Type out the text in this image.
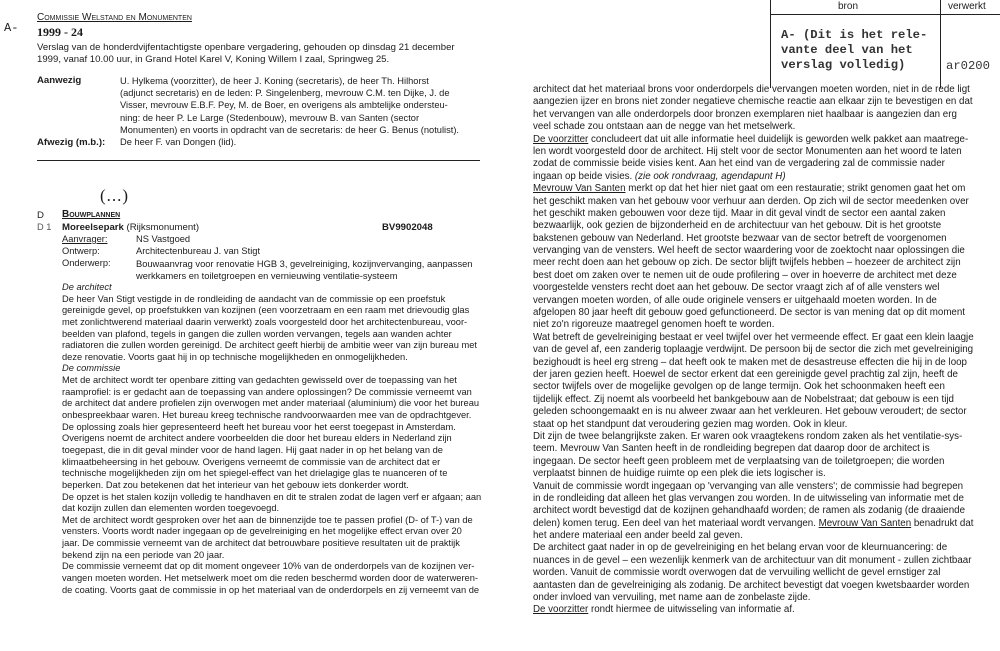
A-
Commissie Welstand en Monumenten
1999 - 24
Verslag van de honderdvijfentachtigste openbare vergadering, gehouden op dinsdag 21 december
1999, vanaf 10.00 uur, in Grand Hotel Karel V, Koning Willem I zaal, Springweg 25.
Aanwezig	U. Hylkema (voorzitter), de heer J. Koning (secretaris), de heer Th. Hilhorst
(adjunct secretaris) en de leden: P. Singelenberg, mevrouw C.M. ten Dijke, J. de
Visser, mevrouw E.B.F. Pey, M. de Boer, en overigens als ambtelijke ondersteu-
ning: de heer P. Le Large (Stedenbouw), mevrouw B. van Santen (sector
Monumenten) en voorts in opdracht van de secretaris: de heer G. Benus (notulist).
Afwezig (m.b.): De heer F. van Dongen (lid).
(...)
D Bouwplannen
D 1 Moreelsepark (Rijksmonument)	BV9902048
Aanvrager:	NS Vastgoed
Ontwerp:	Architectenbureau J. van Stigt
Onderwerp:	Bouwaanvrag voor renovatie HGB 3, gevelreiniging, kozijnvervanging, aanpassen
werkkamers en toiletgroepen en vernieuwing ventilatie-systeem
De architect
De heer Van Stigt vestigde in de rondleiding de aandacht van de commissie op een proefstuk
gereinigde gevel, op proefstukken van kozijnen (een voorzetraam en een raam met drievoudig glas
met zonlichtwerend materiaal daarin verwerkt) zoals voorgesteld door het architectenbureau, voor-
beelden van plafond, tegels in gangen die zullen worden vervangen, tegels aan wanden achter
radiatoren die zullen worden gereinigd. De architect geeft hierbij de ambitie weer van zijn bureau met
deze renovatie. Voorts gaat hij in op technische mogelijkheden en onmogelijkheden.
De commissie
Met de architect wordt ter openbare zitting van gedachten gewisseld over de toepassing van het
raamprofiel: is er gedacht aan de toepassing van andere oplossingen? De commissie verneemt van
de architect dat andere profielen zijn overwogen met ander materiaal (aluminium) die voor het bureau
onbespreekbaar waren. Het bureau kreeg technische randvoorwaarden mee van de opdrachtgever.
De oplossing zoals hier gepresenteerd heeft het bureau voor het eerst toegepast in Amsterdam.
Overigens noemt de architect andere voorbeelden die door het bureau elders in Nederland zijn
toegepast, die in dit geval minder voor de hand lagen. Hij gaat nader in op het belang van de
klimaatbeheersing in het gebouw. Overigens verneemt de commissie van de architect dat er
technische mogelijkheden zijn om het spiegel-effect van het drielagige glas te nuanceren of te
beperken. Dat zou betekenen dat het interieur van het gebouw iets donkerder wordt.
De opzet is het stalen kozijn volledig te handhaven en dit te stralen zodat de lagen verf er afgaan; aan
dat kozijn zullen dan elementen worden toegevoegd.
Met de architect wordt gesproken over het aan de binnenzijde toe te passen profiel (D- of T-) van de
vensters. Voorts wordt nader ingegaan op de gevelreiniging en het mogelijke effect ervan over 20
jaar. De commissie verneemt van de architect dat betrouwbare positieve resultaten uit de praktijk
bekend zijn na een periode van 20 jaar.
De commissie verneemt dat op dit moment ongeveer 10% van de onderdorpels van de kozijnen ver-
vangen moeten worden. Het metselwerk moet om die reden beschermd worden door de waterweren-
de coating. Voorts gaat de commissie in op het materiaal van de onderdorpels en zij verneemt van de
bron	verwerkt
A- (Dit is het rele-
vante deel van het
verslag volledig)	ar0200
architect dat het materiaal brons voor onderdorpels die vervangen moeten worden, niet in de rede ligt
aangezien ijzer en brons niet zonder negatieve chemische reactie aan elkaar zijn te bevestigen en dat
het vervangen van alle onderdorpels door bronzen exemplaren niet haalbaar is aangezien dan erg
veel schade zou ontstaan aan de negge van het metselwerk.
De voorzitter concludeert dat uit alle informatie heel duidelijk is geworden welk pakket aan maatrege-
len wordt voorgesteld door de architect. Hij stelt voor de sector Monumenten aan het woord te laten
zodat de commissie beide visies kent. Aan het eind van de vergadering zal de commissie nader
ingaan op beide visies. (zie ook rondvraag, agendapunt H)
Mevrouw Van Santen merkt op dat het hier niet gaat om een restauratie; strikt genomen gaat het om
het geschikt maken van het gebouw voor verhuur aan derden. Op zich wil de sector meedenken over
het geschikt maken gebouwen voor deze tijd. Maar in dit geval vindt de sector een aantal zaken
bezwaarlijk, ook gezien de bijzonderheid en de architectuur van het gebouw. Dit is het grootste
bakstenen gebouw van Nederland. Het grootste bezwaar van de sector betreft de voorgenomen
vervanging van de vensters. Wel heeft de sector waardering voor de zoektocht naar oplossingen die
meer recht doen aan het gebouw op zich. De sector blijft twijfels hebben – hoezeer de architect zijn
best doet om zaken over te nemen uit de oude profilering – over in hoeverre de architect met deze
voorgestelde vensters recht doet aan het gebouw. De sector vraagt zich af of alle vensters wel
vervangen moeten worden, of alle oude originele vensers er uitgehaald moeten worden. In de
afgelopen 80 jaar heeft dit gebouw goed gefunctioneerd. De sector is van mening dat op dit moment
niet zo'n rigoreuze maatregel genomen hoeft te worden.
Wat betreft de gevelreiniging bestaat er veel twijfel over het vermeende effect. Er gaat een klein laagje
van de gevel af, een zanderig toplaagje verdwijnt. De persoon bij de sector die zich met gevelreiniging
bezighoudt is heel erg streng – dat heeft ook te maken met de desastreuse effecten die hij in de loop
der jaren gezien heeft. Hoewel de sector erkent dat een gereinigde gevel prachtig zal zijn, heeft de
sector twijfels over de mogelijke gevolgen op de lange termijn. Ook het schoonmaken heeft een
tijdelijk effect. Zij noemt als voorbeeld het bankgebouw aan de Nobelstraat; dat gebouw is een tijd
geleden schoongemaakt en is nu alweer zwaar aan het verkleuren. Het gebouw veroudert; de sector
staat op het standpunt dat veroudering gezien mag worden. Ook in kleur.
Dit zijn de twee belangrijkste zaken. Er waren ook vraagtekens rondom zaken als het ventilatie-sys-
teem. Mevrouw Van Santen heeft in de rondleiding begrepen dat daarop door de architect is
ingegaan. De sector heeft geen probleem met de verplaatsing van de toiletgroepen; die worden
verplaatst binnen de huidige ruimte op een plek die iets logischer is.
Vanuit de commissie wordt ingegaan op 'vervanging van alle vensters'; de commissie had begrepen
in de rondleiding dat alleen het glas vervangen zou worden. In de uitwisseling van informatie met de
architect wordt bevestigd dat de kozijnen gehandhaafd worden; de ramen als zodanig (de draaiende
delen) komen terug. Een deel van het materiaal wordt vervangen. Mevrouw Van Santen benadrukt dat
het andere materiaal een ander beeld zal geven.
De architect gaat nader in op de gevelreiniging en het belang ervan voor de kleurnuancering: de
nuances in de gevel – een wezenlijk kenmerk van de architectuur van dit monument - zullen zichtbaar
worden. Vanuit de commissie wordt overwogen dat de vervuiling wellicht de gevel ernstiger zal
aantasten dan de gevelreiniging als zodanig. De architect bevestigt dat voegen kwetsbaarder worden
onder invloed van vervuiling, met name aan de zonbelaste zijde.
De voorzitter rondt hiermee de uitwisseling van informatie af.
